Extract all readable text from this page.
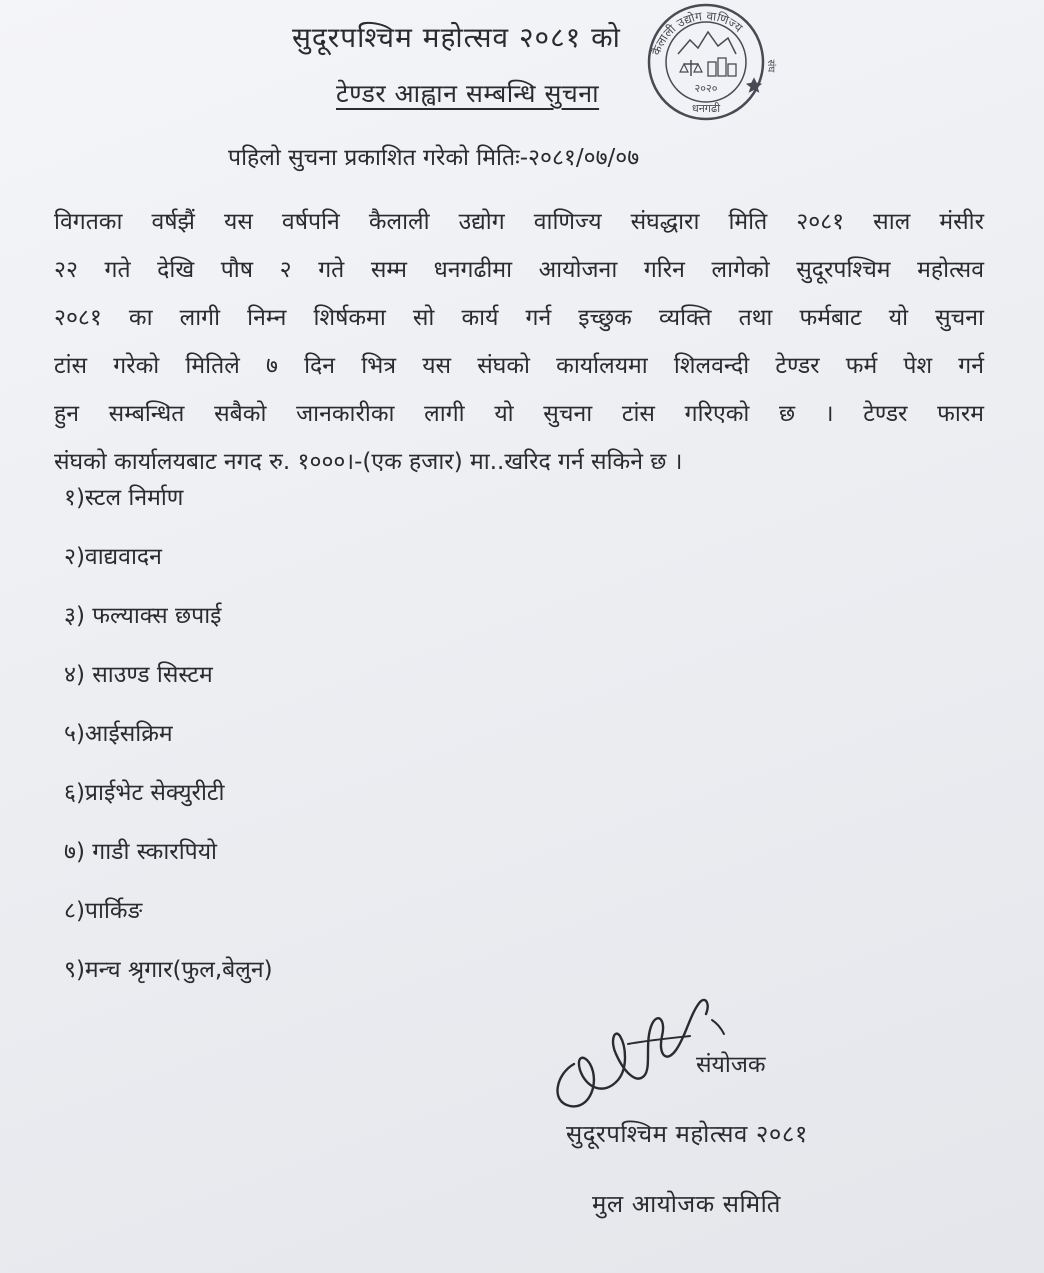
सुदूरपश्चिम महोत्सव २०८१ को कैलाली उद्योग वाणिज्य
२०२०
धनगढी
संघ
टेण्डर आह्वान सम्बन्धि सुचना
पहिलो सुचना प्रकाशित गरेको मितिः-२०८१/०७/०७
विगतका वर्षझैं यस वर्षपनि कैलाली उद्योग वाणिज्य संघद्धारा मिति २०८१ साल मंसीर
२२ गते देखि पौष २ गते सम्म धनगढीमा आयोजना गरिन लागेको सुदूरपश्चिम महोत्सव
२०८१ का लागी निम्न शिर्षकमा सो कार्य गर्न इच्छुक व्यक्ति तथा फर्मबाट यो सुचना
टांस गरेको मितिले ७ दिन भित्र यस संघको कार्यालयमा शिलवन्दी टेण्डर फर्म पेश गर्न
हुन सम्बन्धित सबैको जानकारीका लागी यो सुचना टांस गरिएको छ । टेण्डर फारम
संघको कार्यालयबाट नगद रु. १०००।-(एक हजार) मा..खरिद गर्न सकिने छ ।
१)स्टल निर्माण
२)वाद्यवादन
३) फल्याक्स छपाई
४) साउण्ड सिस्टम
५)आईसक्रिम
६)प्राईभेट सेक्युरीटी
७) गाडी स्कारपियो
८)पार्किङ
९)मन्च श्रृगार(फुल,बेलुन)
संयोजक
सुदूरपश्चिम महोत्सव २०८१
मुल आयोजक समिति
